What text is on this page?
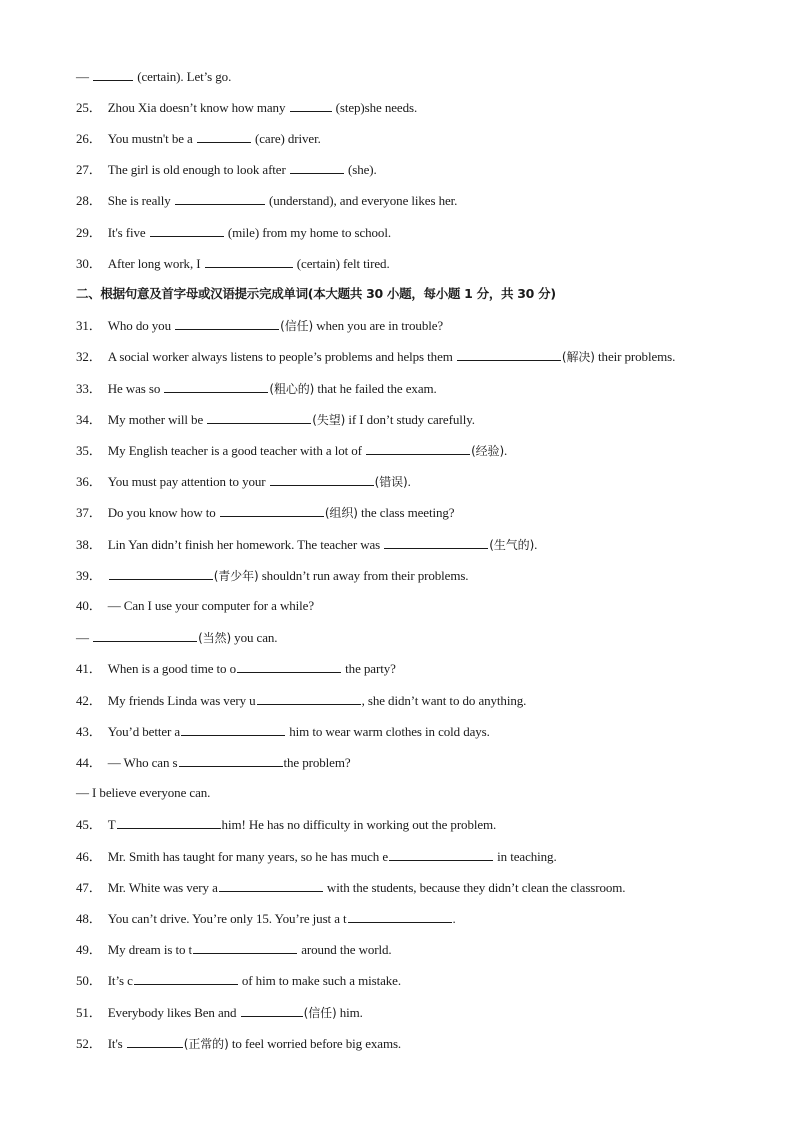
—	(certain). Let’s go.
25． Zhou Xia doesn’t know how many	(step)she needs.
26． You mustn't be a	(care) driver.
27． The girl is old enough to look after	(she).
28． She is really	(understand), and everyone likes her.
29． It's five	(mile) from my home to school.
30． After long work, I	(certain) felt tired.
二、根据句意及首字母或汉语提示完成单词(本大题共 30 小题，每小题 1 分，共 30 分)
31． Who do you	(信任) when you are in trouble?
32． A social worker always listens to people’s problems and helps them	(解决) their problems.
33． He was so	(粗心的) that he failed the exam.
34． My mother will be	(失望) if I don’t study carefully.
35． My English teacher is a good teacher with a lot of	(经验).
36． You must pay attention to your	(错误).
37． Do you know how to	(组织) the class meeting?
38． Lin Yan didn’t finish her homework. The teacher was	(生气的).
39．	(青少年) shouldn’t run away from their problems.
40． — Can I use your computer for a while?
—	(当然) you can.
41． When is a good time to o	the party?
42． My friends Linda was very u	, she didn’t want to do anything.
43． You’d better a	him to wear warm clothes in cold days.
44． — Who can s	the problem?
— I believe everyone can.
45． T	him! He has no difficulty in working out the problem.
46． Mr. Smith has taught for many years, so he has much e	in teaching.
47． Mr. White was very a	with the students, because they didn’t clean the classroom.
48． You can’t drive. You’re only 15. You’re just a t	.
49． My dream is to t	around the world.
50． It’s c	of him to make such a mistake.
51． Everybody likes Ben and	(信任) him.
52． It's	(正常的) to feel worried before big exams.
